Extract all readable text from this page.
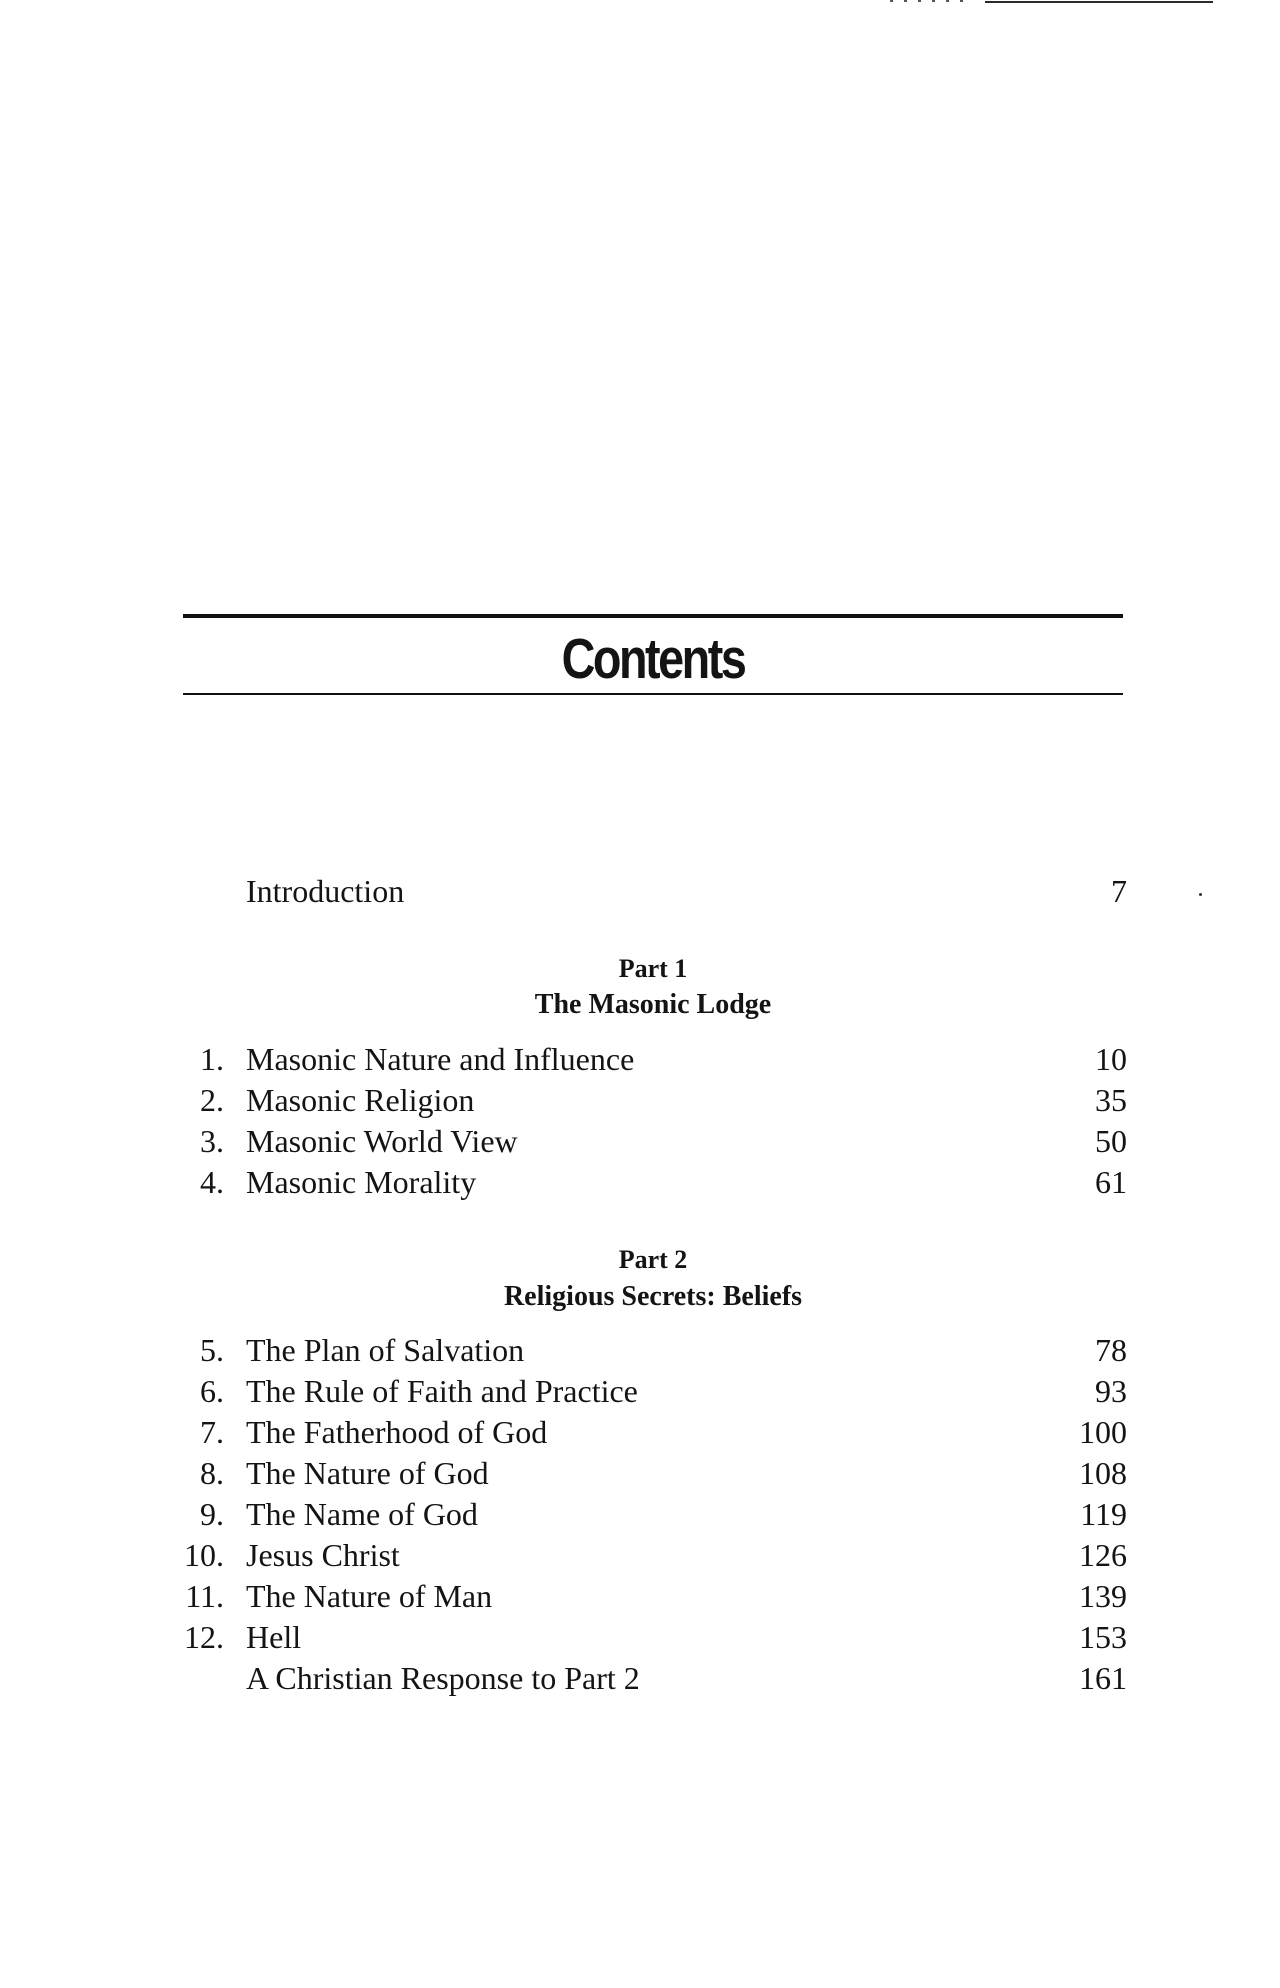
Contents
Introduction	7
Part 1
The Masonic Lodge
1. Masonic Nature and Influence	10
2. Masonic Religion	35
3. Masonic World View	50
4. Masonic Morality	61
Part 2
Religious Secrets: Beliefs
5. The Plan of Salvation	78
6. The Rule of Faith and Practice	93
7. The Fatherhood of God	100
8. The Nature of God	108
9. The Name of God	119
10. Jesus Christ	126
11. The Nature of Man	139
12. Hell	153
A Christian Response to Part 2	161
